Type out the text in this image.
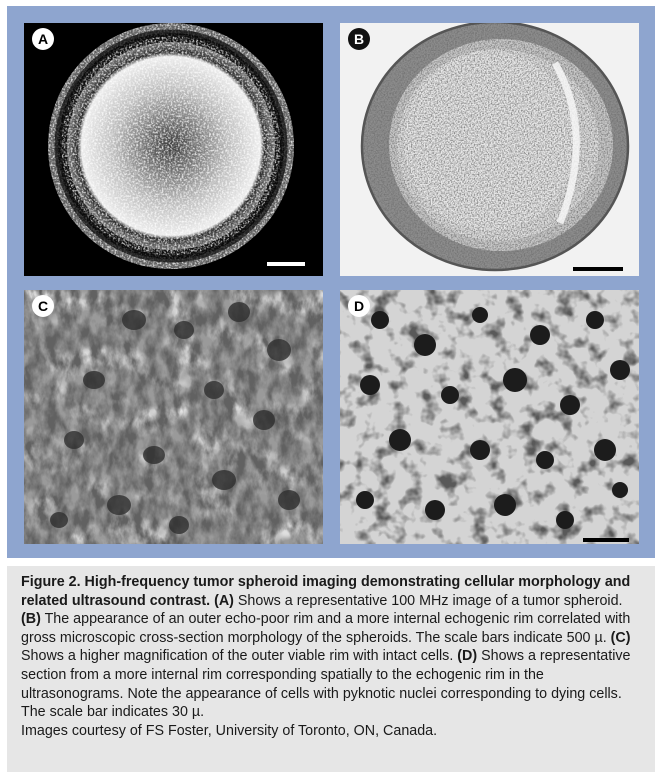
A	B
C	D

Figure 2. High-frequency tumor spheroid imaging demonstrating cellular morphology and related ultrasound contrast. (A) Shows a representative 100 MHz image of a tumor spheroid. (B) The appearance of an outer echo-poor rim and a more internal echogenic rim correlated with gross microscopic cross-section morphology of the spheroids. The scale bars indicate 500 µ. (C) Shows a higher magnification of the outer viable rim with intact cells. (D) Shows a representative section from a more internal rim corresponding spatially to the echogenic rim in the ultrasonograms. Note the appearance of cells with pyknotic nuclei corresponding to dying cells. The scale bar indicates 30 µ.

Images courtesy of FS Foster, University of Toronto, ON, Canada.
